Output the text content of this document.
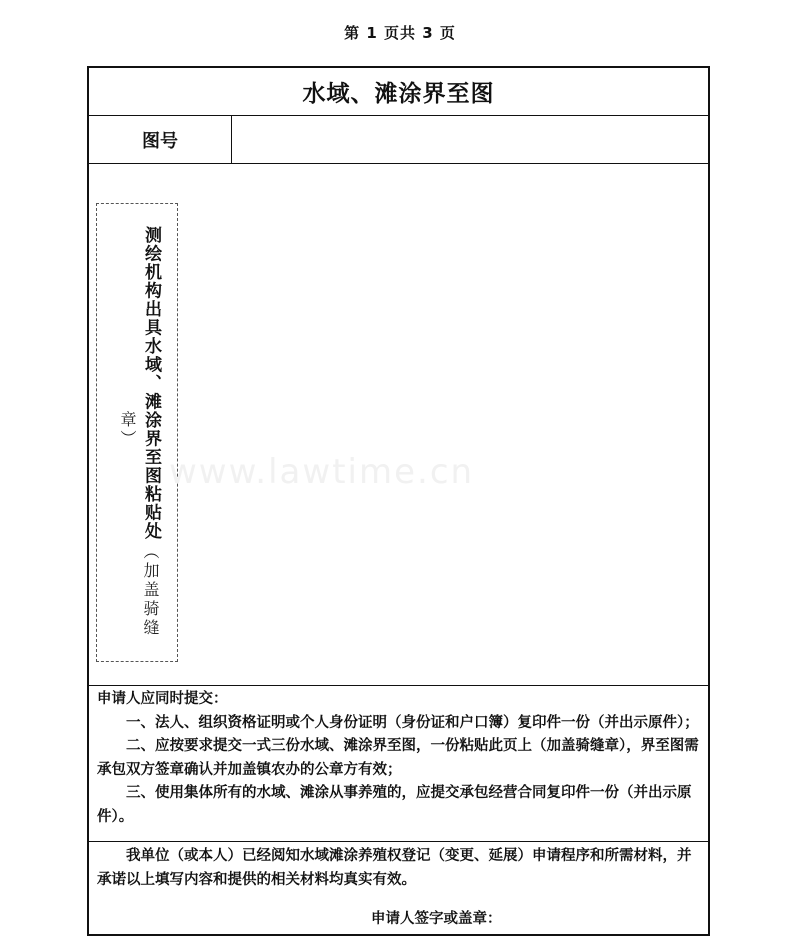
第 1 页共 3 页
水域、滩涂界至图
图号
测绘机构出具水域、滩涂界至图粘贴处
（加盖骑缝
章）
www.lawtime.cn

申请人应同时提交：

一、法人、组织资格证明或个人身份证明（身份证和户口簿）复印件一份（并出示原件）；

二、应按要求提交一式三份水域、滩涂界至图，一份粘贴此页上（加盖骑缝章），界至图需承包双方签章确认并加盖镇农办的公章方有效；

三、使用集体所有的水域、滩涂从事养殖的，应提交承包经营合同复印件一份（并出示原件）。

我单位（或本人）已经阅知水域滩涂养殖权登记（变更、延展）申请程序和所需材料，并承诺以上填写内容和提供的相关材料均真实有效。

申请人签字或盖章：
